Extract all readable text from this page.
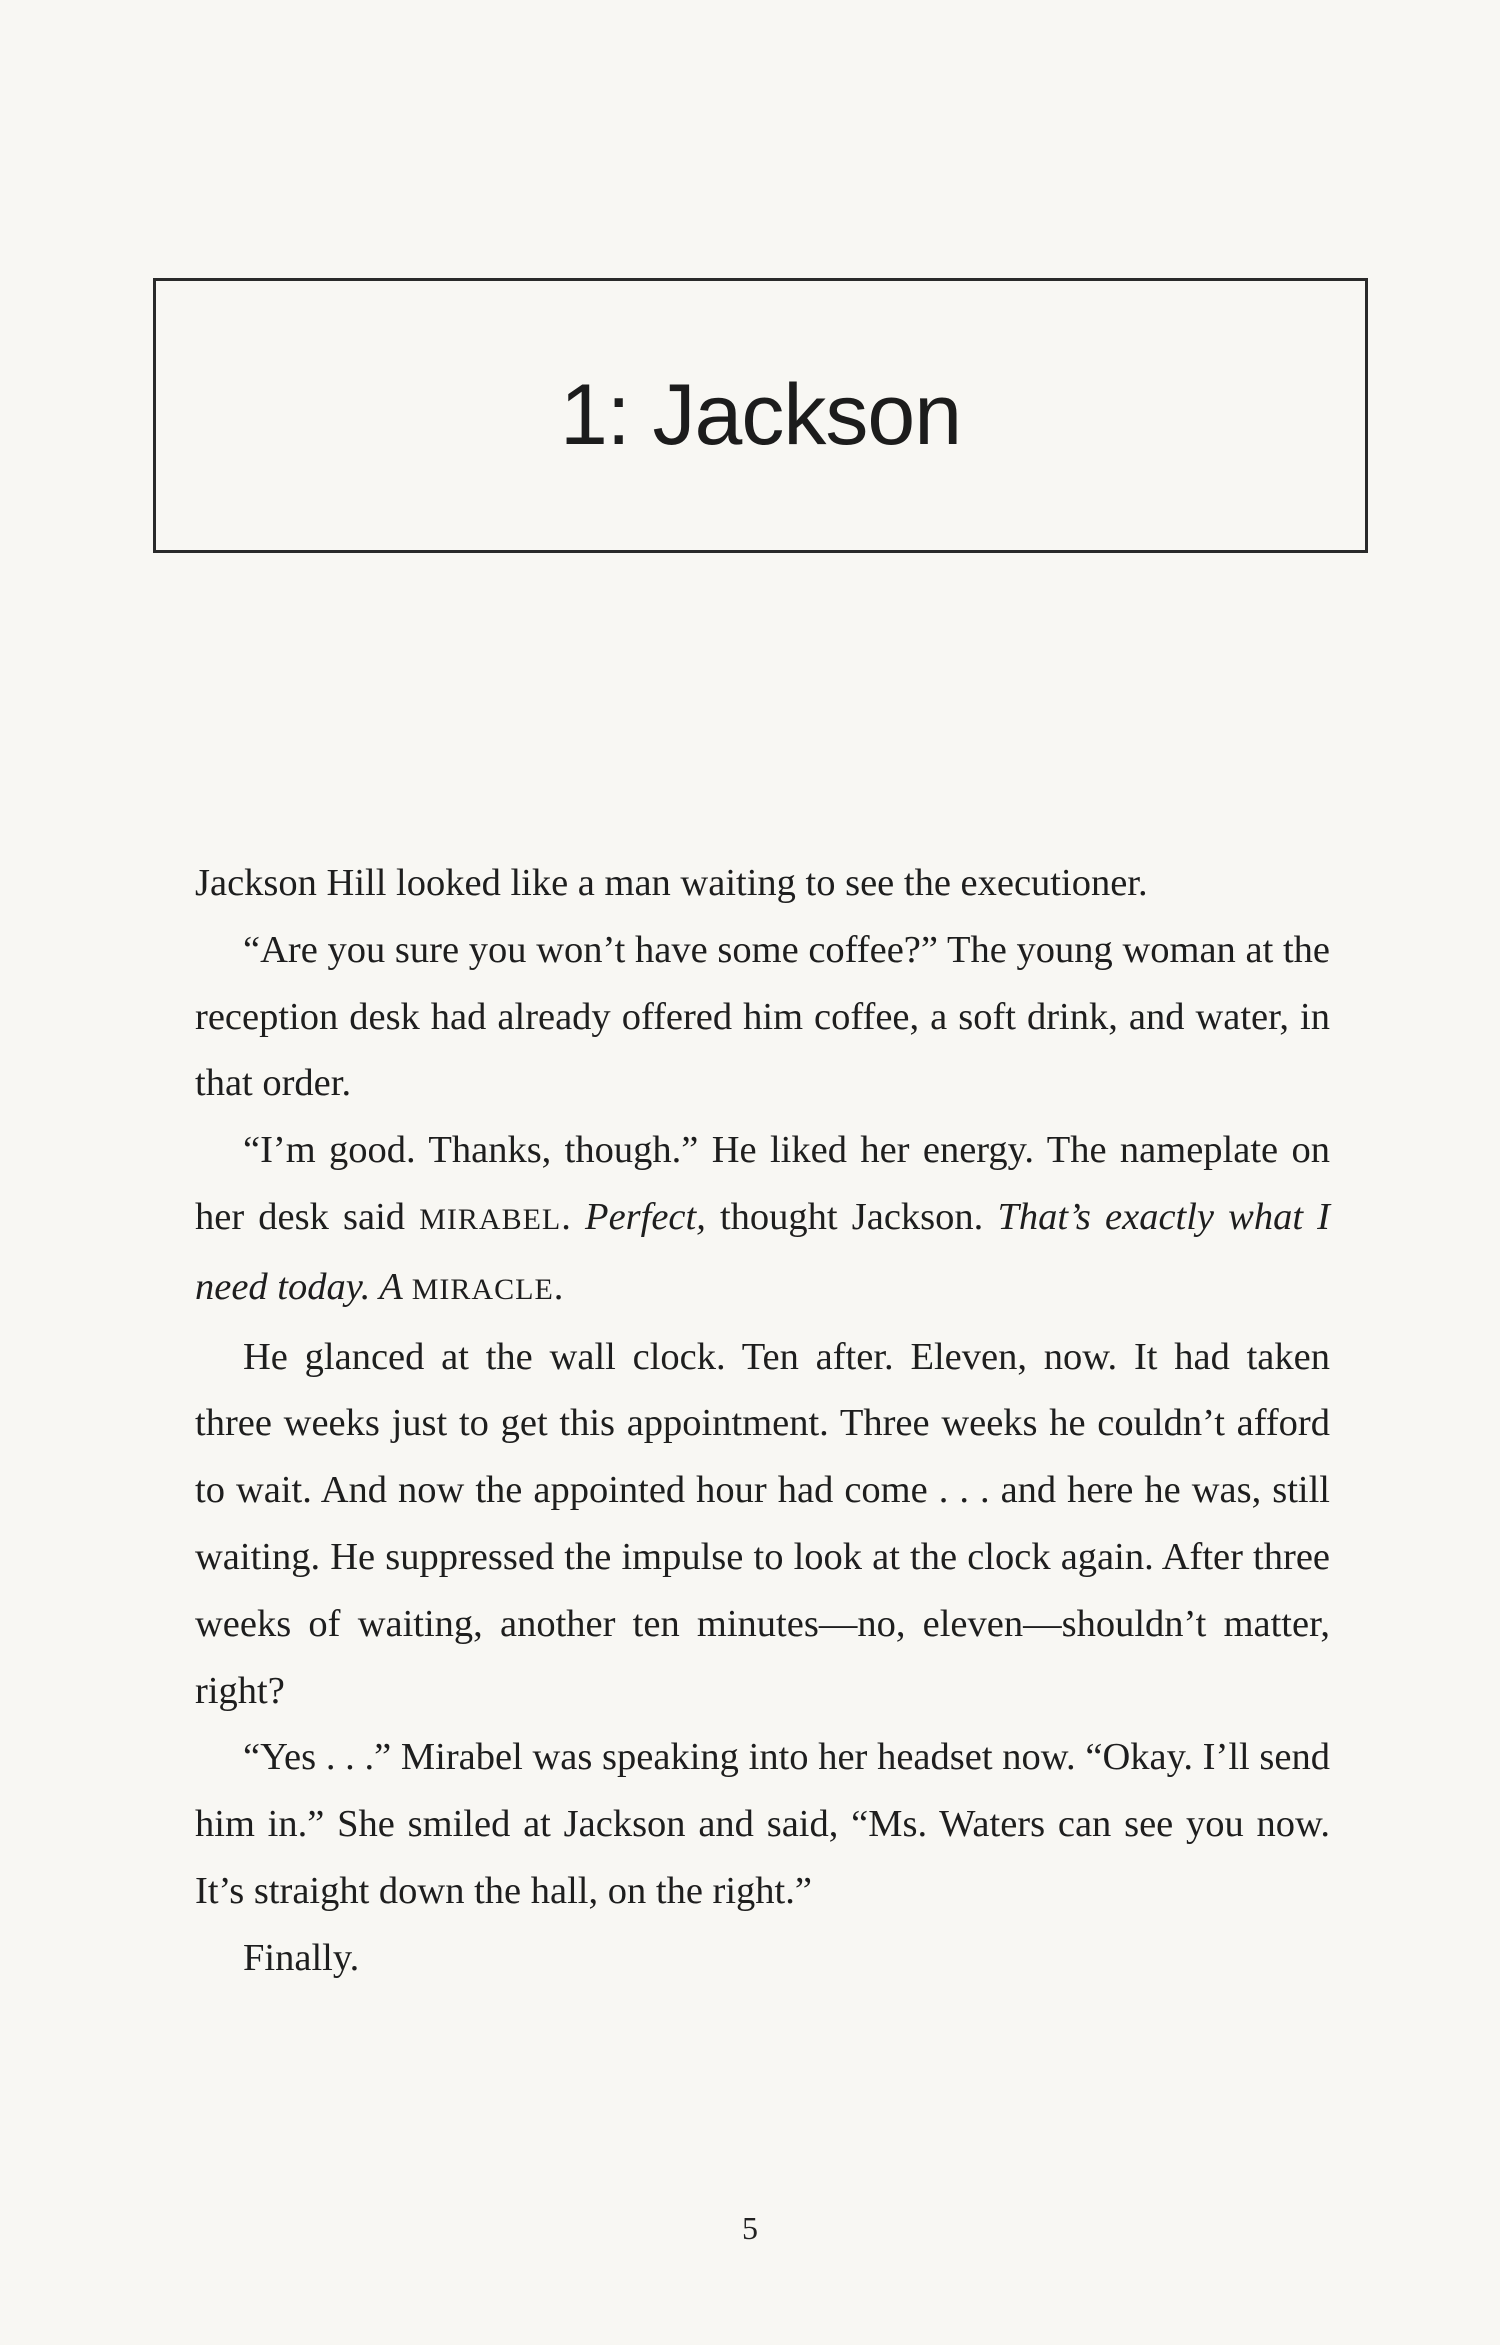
1: Jackson

Jackson Hill looked like a man waiting to see the executioner.

“Are you sure you won’t have some coffee?” The young woman at the reception desk had already offered him coffee, a soft drink, and water, in that order.

“I’m good. Thanks, though.” He liked her energy. The nameplate on her desk said MIRABEL. Perfect, thought Jackson. That’s exactly what I need today. A MIRACLE.

He glanced at the wall clock. Ten after. Eleven, now. It had taken three weeks just to get this appointment. Three weeks he couldn’t afford to wait. And now the appointed hour had come . . . and here he was, still waiting. He suppressed the impulse to look at the clock again. After three weeks of waiting, another ten minutes—no, eleven—shouldn’t matter, right?

“Yes . . .” Mirabel was speaking into her headset now. “Okay. I’ll send him in.” She smiled at Jackson and said, “Ms. Waters can see you now. It’s straight down the hall, on the right.”

Finally.

5
